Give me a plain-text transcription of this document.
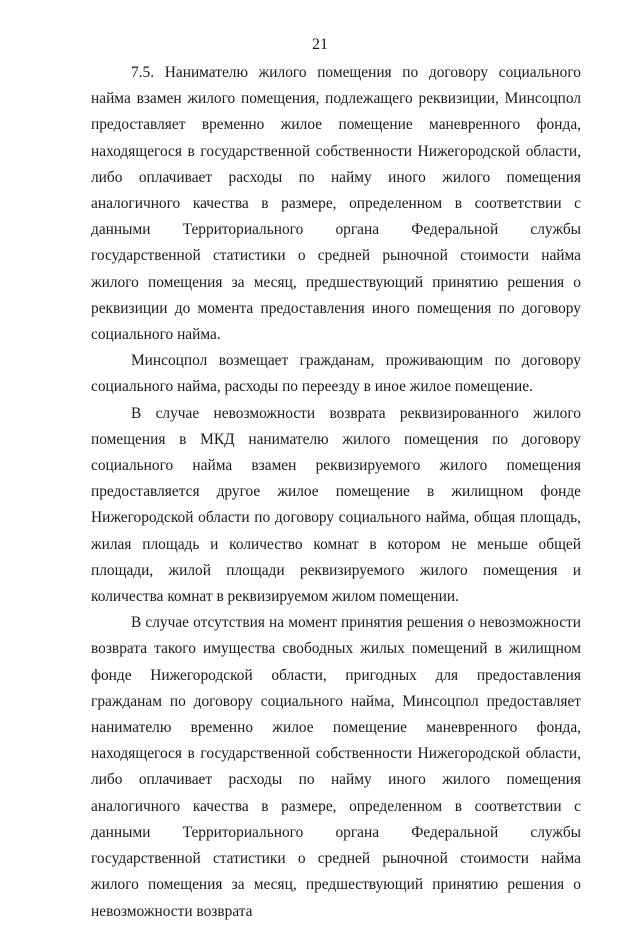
21

7.5. Нанимателю жилого помещения по договору социального найма взамен жилого помещения, подлежащего реквизиции, Минсоцпол предоставляет временно жилое помещение маневренного фонда, находящегося в государственной собственности Нижегородской области, либо оплачивает расходы по найму иного жилого помещения аналогичного качества в размере, определенном в соответствии с данными Территориального органа Федеральной службы государственной статистики о средней рыночной стоимости найма жилого помещения за месяц, предшествующий принятию решения о реквизиции до момента предоставления иного помещения по договору социального найма.

Минсоцпол возмещает гражданам, проживающим по договору социального найма, расходы по переезду в иное жилое помещение.

В случае невозможности возврата реквизированного жилого помещения в МКД нанимателю жилого помещения по договору социального найма взамен реквизируемого жилого помещения предоставляется другое жилое помещение в жилищном фонде Нижегородской области по договору социального найма, общая площадь, жилая площадь и количество комнат в котором не меньше общей площади, жилой площади реквизируемого жилого помещения и количества комнат в реквизируемом жилом помещении.

В случае отсутствия на момент принятия решения о невозможности возврата такого имущества свободных жилых помещений в жилищном фонде Нижегородской области, пригодных для предоставления гражданам по договору социального найма, Минсоцпол предоставляет нанимателю временно жилое помещение маневренного фонда, находящегося в государственной собственности Нижегородской области, либо оплачивает расходы по найму иного жилого помещения аналогичного качества в размере, определенном в соответствии с данными Территориального органа Федеральной службы государственной статистики о средней рыночной стоимости найма жилого помещения за месяц, предшествующий принятию решения о невозможности возврата
